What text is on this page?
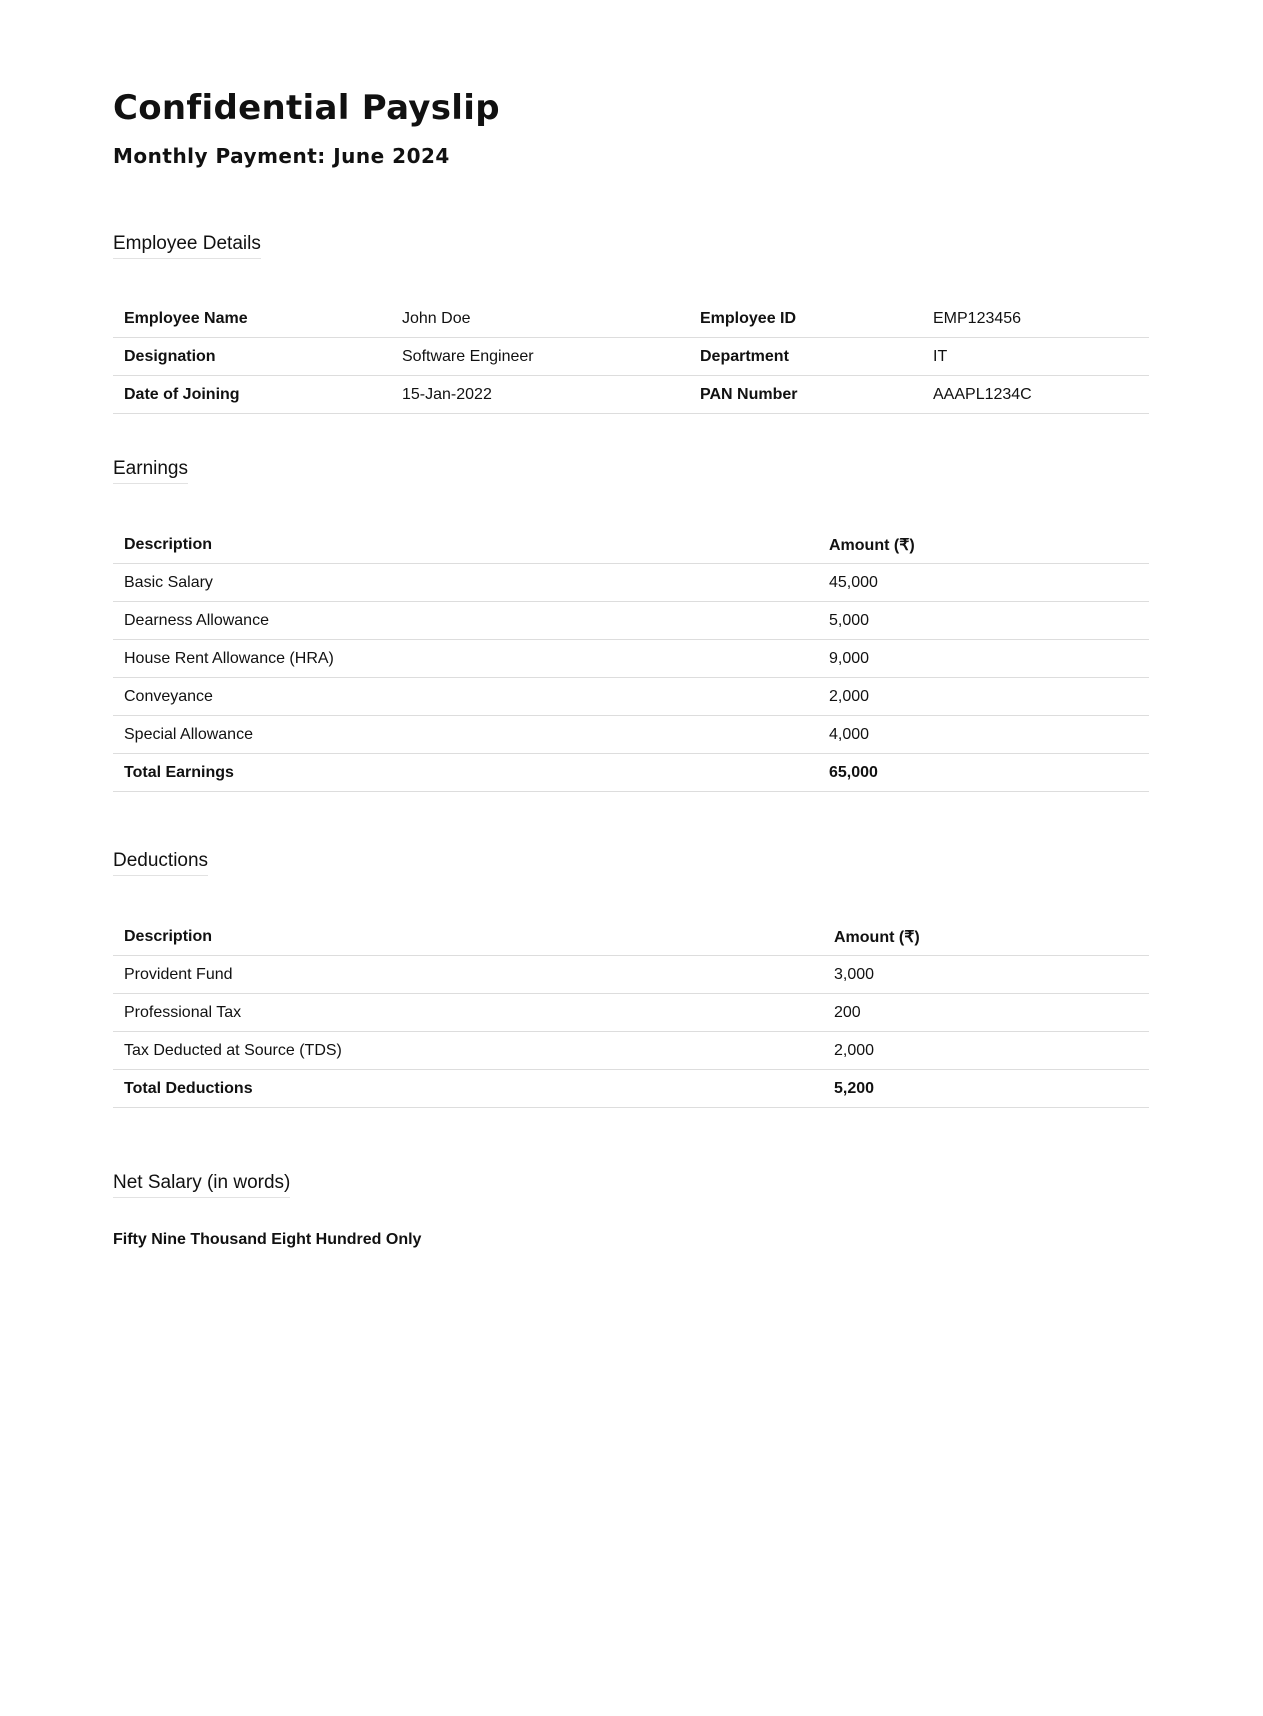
Confidential Payslip
Monthly Payment: June 2024
Employee Details
Employee Name	John Doe	Employee ID	EMP123456
Designation	Software Engineer	Department	IT
Date of Joining	15-Jan-2022	PAN Number	AAAPL1234C
Earnings
Description	Amount (₹)
Basic Salary	45,000
Dearness Allowance	5,000
House Rent Allowance (HRA)	9,000
Conveyance	2,000
Special Allowance	4,000
Total Earnings	65,000
Deductions
Description	Amount (₹)
Provident Fund	3,000
Professional Tax	200
Tax Deducted at Source (TDS)	2,000
Total Deductions	5,200
Net Salary (in words)

Fifty Nine Thousand Eight Hundred Only
